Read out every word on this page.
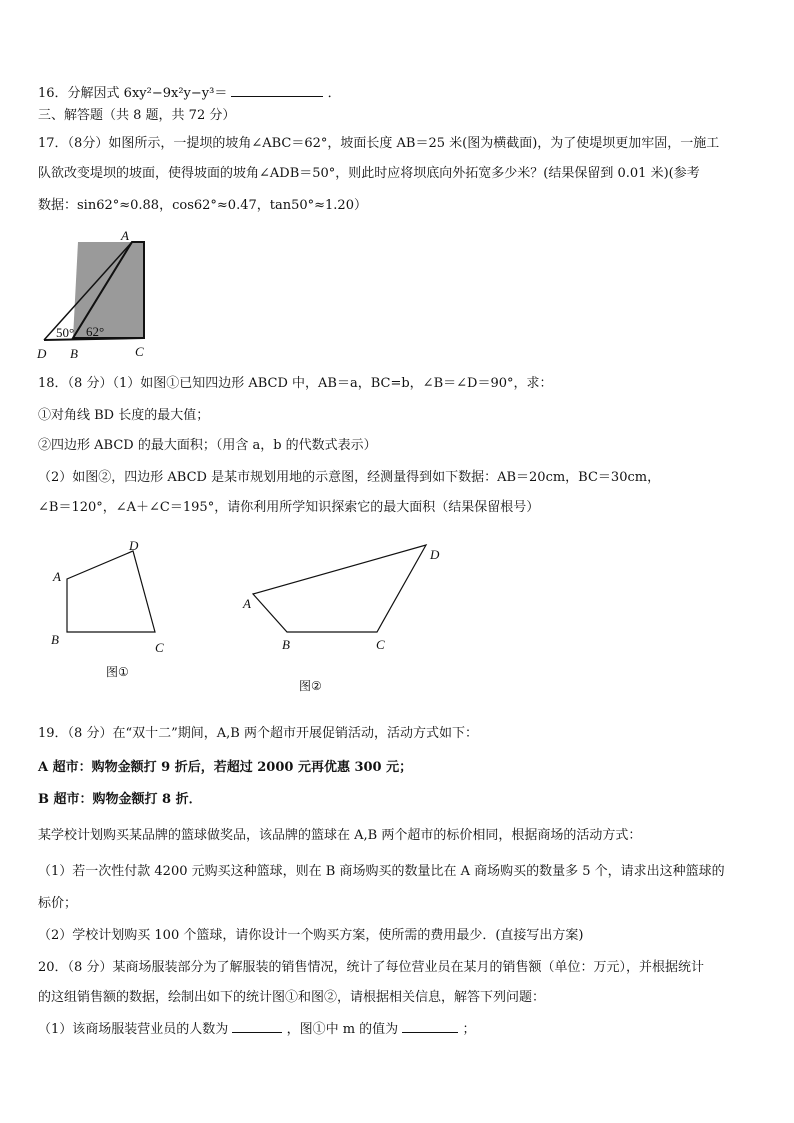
16．分解因式 6xy²−9x²y−y³＝	．
三、解答题（共 8 题，共 72 分）
17．（8分）如图所示，一提坝的坡角∠ABC＝62°，坡面长度 AB＝25 米(图为横截面)，为了使堤坝更加牢固，一施工
队欲改变堤坝的坡面，使得坡面的坡角∠ADB＝50°，则此时应将坝底向外拓宽多少米？(结果保留到 0.01 米)(参考
数据：sin62°≈0.88，cos62°≈0.47，tan50°≈1.20）
A
D B	C
50° 62°
18．（8 分）（1）如图①已知四边形 ABCD 中，AB＝a，BC=b，∠B＝∠D＝90°，求：
①对角线 BD 长度的最大值；
②四边形 ABCD 的最大面积；（用含 a，b 的代数式表示）
（2）如图②，四边形 ABCD 是某市规划用地的示意图，经测量得到如下数据：AB＝20cm，BC＝30cm，
∠B＝120°，∠A＋∠C＝195°，请你利用所学知识探索它的最大面积（结果保留根号）
A
B
C
D
图①
A
B	C
D
图②
19．（8 分）在“双十二”期间，A,B 两个超市开展促销活动，活动方式如下：
A 超市：购物金额打 9 折后，若超过 2000 元再优惠 300 元；
B 超市：购物金额打 8 折．
某学校计划购买某品牌的篮球做奖品，该品牌的篮球在 A,B 两个超市的标价相同，根据商场的活动方式：
（1）若一次性付款 4200 元购买这种篮球，则在 B 商场购买的数量比在 A 商场购买的数量多 5 个，请求出这种篮球的
标价；
（2）学校计划购买 100 个篮球，请你设计一个购买方案，使所需的费用最少．(直接写出方案)
20．（8 分）某商场服装部分为了解服装的销售情况，统计了每位营业员在某月的销售额（单位：万元），并根据统计
的这组销售额的数据，绘制出如下的统计图①和图②，请根据相关信息，解答下列问题：
（1）该商场服装营业员的人数为	，图①中 m 的值为	；
